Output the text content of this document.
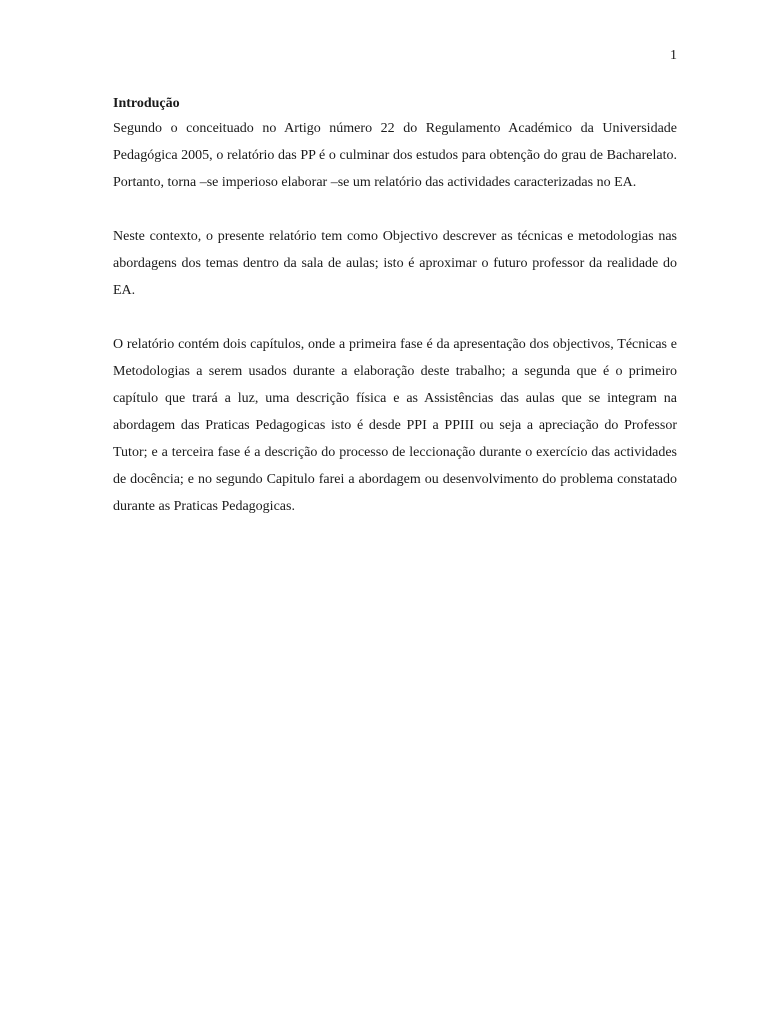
1

Introdução

Segundo o conceituado no Artigo número 22 do Regulamento Académico da Universidade Pedagógica 2005, o relatório das PP é o culminar dos estudos para obtenção do grau de Bacharelato. Portanto, torna –se imperioso elaborar –se um relatório das actividades caracterizadas no EA.

Neste contexto, o presente relatório tem como Objectivo descrever as técnicas e metodologias nas abordagens dos temas dentro da sala de aulas; isto é aproximar o futuro professor da realidade do EA.

O relatório contém dois capítulos, onde a primeira fase é da apresentação dos objectivos, Técnicas e Metodologias a serem usados durante a elaboração deste trabalho; a segunda que é o primeiro capítulo que trará a luz, uma descrição física e as Assistências das aulas que se integram na abordagem das Praticas Pedagogicas isto é desde PPI a PPIII ou seja a apreciação do Professor Tutor; e a terceira fase é a descrição do processo de leccionação durante o exercício das actividades de docência; e no segundo Capitulo farei a abordagem ou desenvolvimento do problema constatado durante as Praticas Pedagogicas.
